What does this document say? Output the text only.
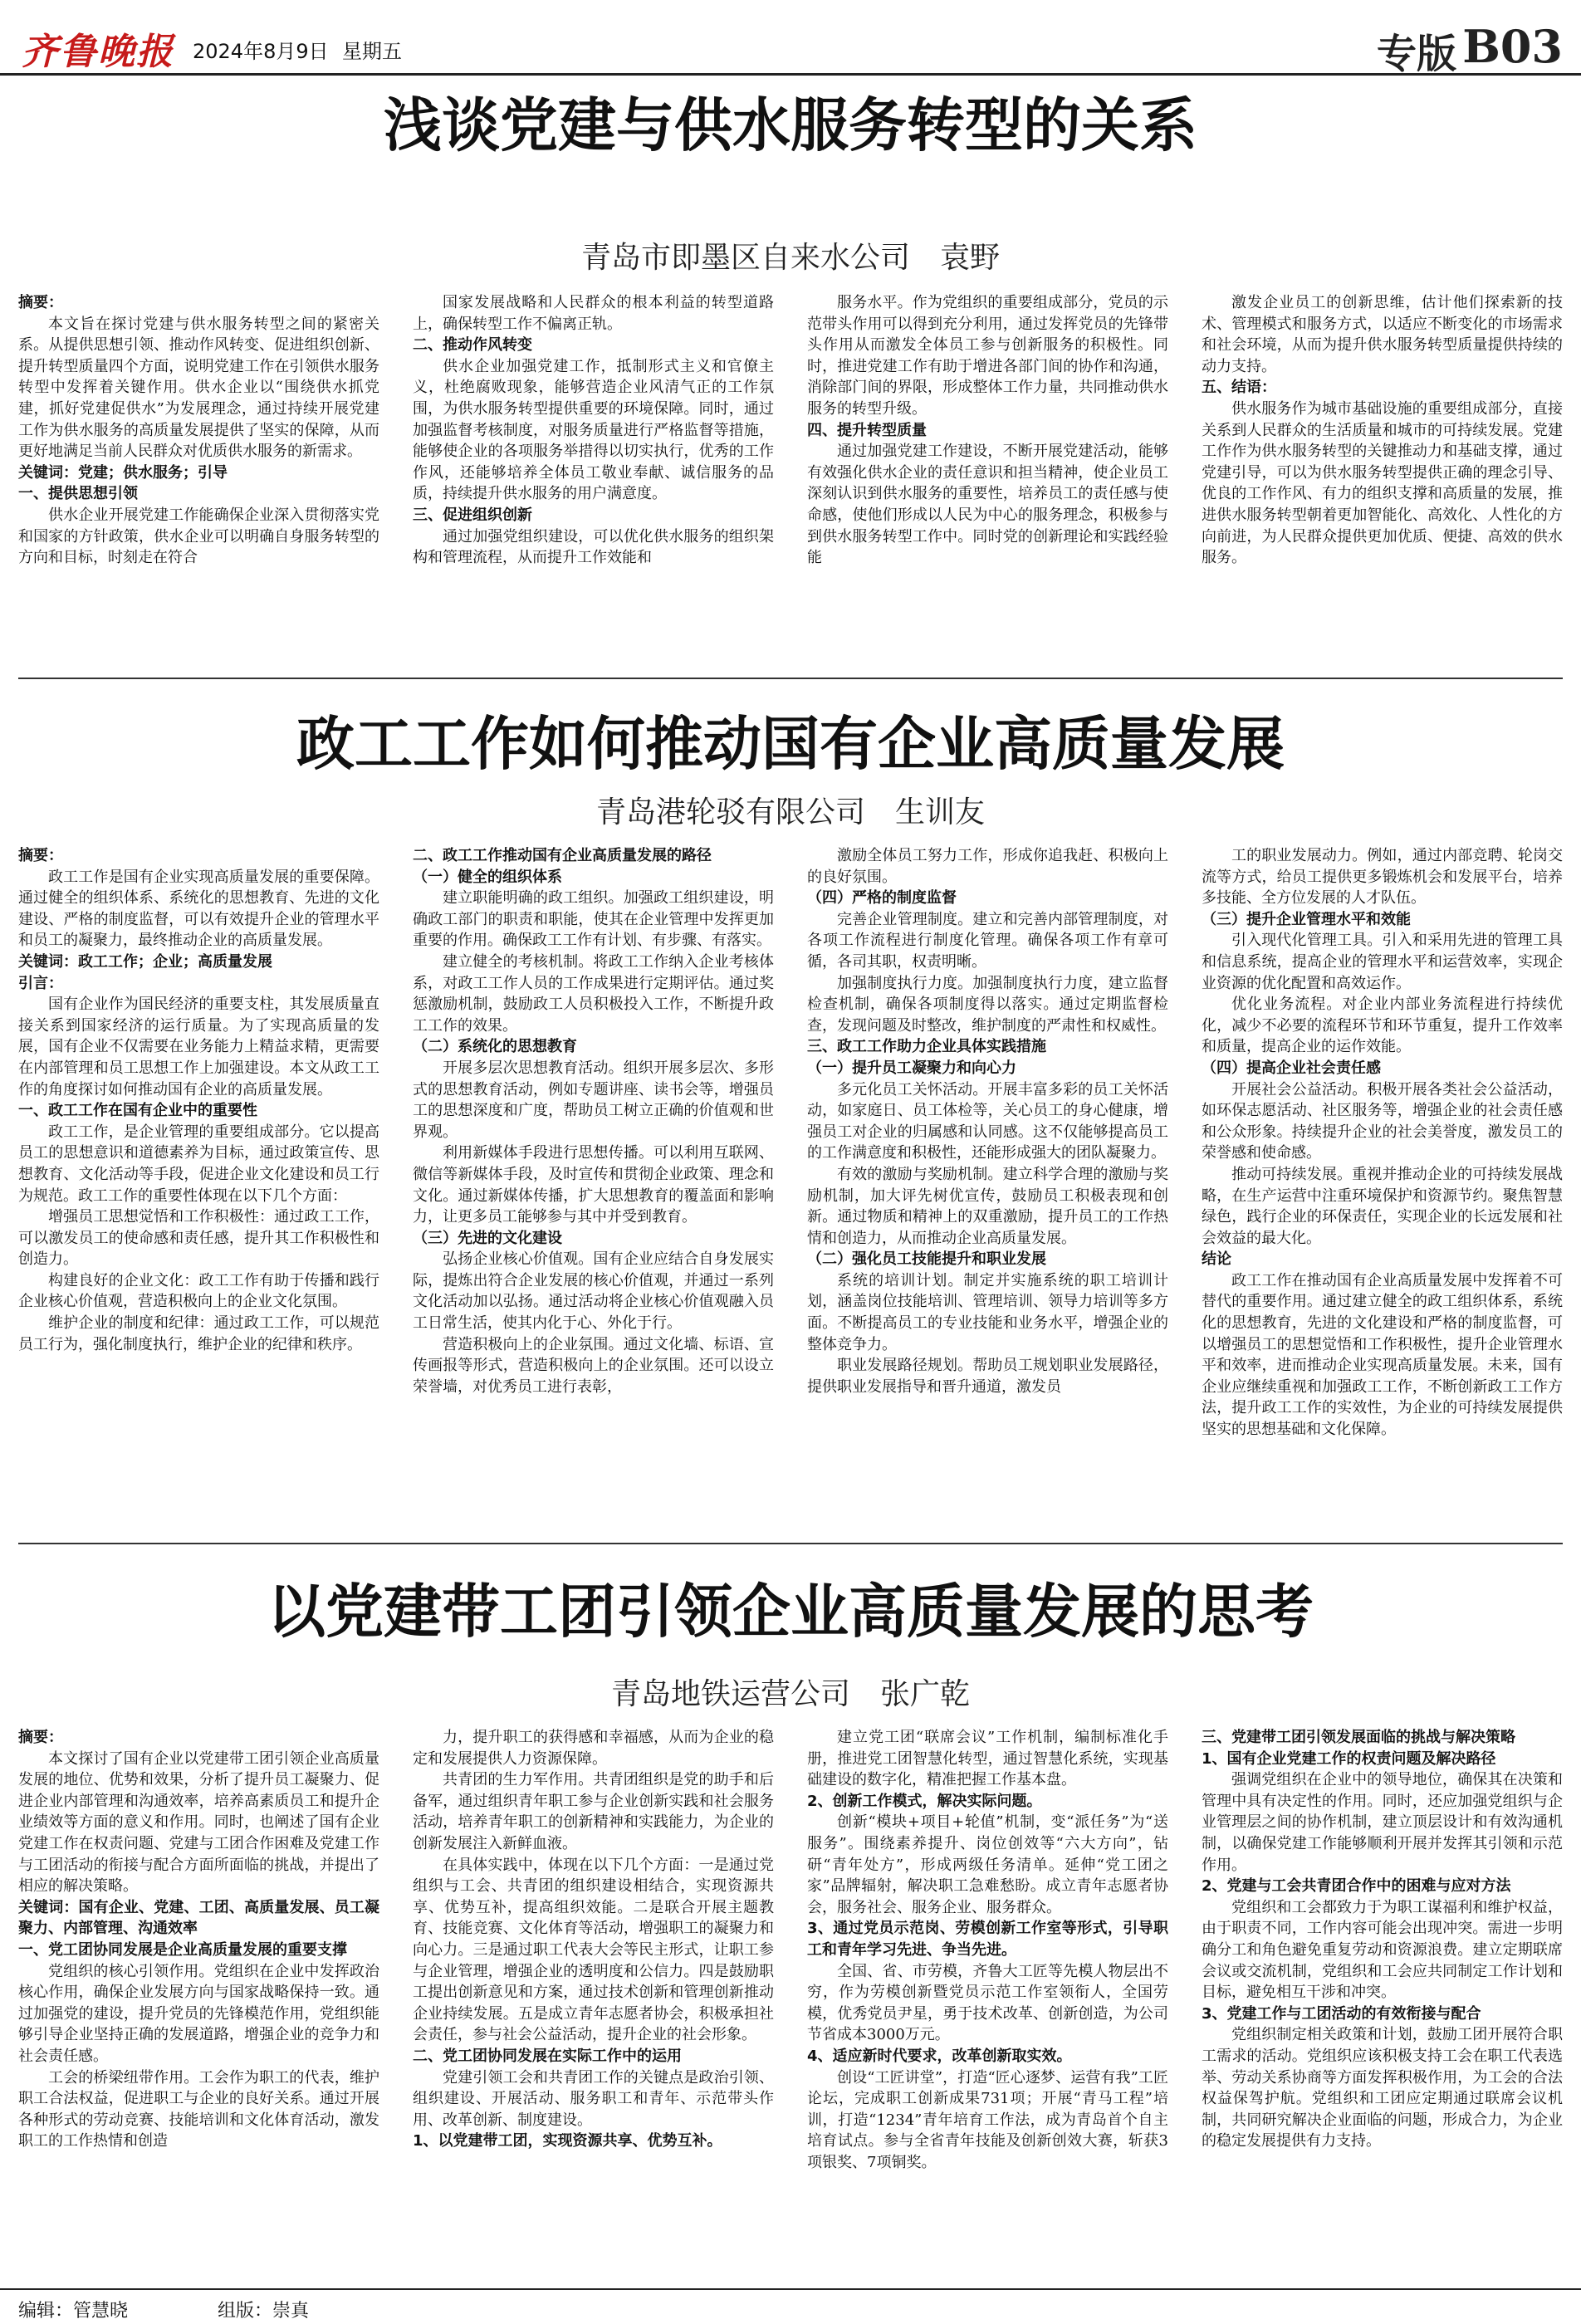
齐鲁晚报 2024年8月9日 星期五	专版 B03
浅谈党建与供水服务转型的关系
青岛市即墨区自来水公司　袁野

摘要：

本文旨在探讨党建与供水服务转型之间的紧密关系。从提供思想引领、推动作风转变、促进组织创新、提升转型质量四个方面，说明党建工作在引领供水服务转型中发挥着关键作用。供水企业以“围绕供水抓党建，抓好党建促供水”为发展理念，通过持续开展党建工作为供水服务的高质量发展提供了坚实的保障，从而更好地满足当前人民群众对优质供水服务的新需求。

关键词：党建；供水服务；引导

一、提供思想引领

供水企业开展党建工作能确保企业深入贯彻落实党和国家的方针政策，供水企业可以明确自身服务转型的方向和目标，时刻走在符合

国家发展战略和人民群众的根本利益的转型道路上，确保转型工作不偏离正轨。

二、推动作风转变

供水企业加强党建工作，抵制形式主义和官僚主义，杜绝腐败现象，能够营造企业风清气正的工作氛围，为供水服务转型提供重要的环境保障。同时，通过加强监督考核制度，对服务质量进行严格监督等措施，能够使企业的各项服务举措得以切实执行，优秀的工作作风，还能够培养全体员工敬业奉献、诚信服务的品质，持续提升供水服务的用户满意度。

三、促进组织创新

通过加强党组织建设，可以优化供水服务的组织架构和管理流程，从而提升工作效能和

服务水平。作为党组织的重要组成部分，党员的示范带头作用可以得到充分利用，通过发挥党员的先锋带头作用从而激发全体员工参与创新服务的积极性。同时，推进党建工作有助于增进各部门间的协作和沟通，消除部门间的界限，形成整体工作力量，共同推动供水服务的转型升级。

四、提升转型质量

通过加强党建工作建设，不断开展党建活动，能够有效强化供水企业的责任意识和担当精神，使企业员工深刻认识到供水服务的重要性，培养员工的责任感与使命感，使他们形成以人民为中心的服务理念，积极参与到供水服务转型工作中。同时党的创新理论和实践经验能

激发企业员工的创新思维，估计他们探索新的技术、管理模式和服务方式，以适应不断变化的市场需求和社会环境，从而为提升供水服务转型质量提供持续的动力支持。

五、结语：

供水服务作为城市基础设施的重要组成部分，直接关系到人民群众的生活质量和城市的可持续发展。党建工作作为供水服务转型的关键推动力和基础支撑，通过党建引导，可以为供水服务转型提供正确的理念引导、优良的工作作风、有力的组织支撑和高质量的发展，推进供水服务转型朝着更加智能化、高效化、人性化的方向前进，为人民群众提供更加优质、便捷、高效的供水服务。

政工工作如何推动国有企业高质量发展
青岛港轮驳有限公司　生训友

摘要：

政工工作是国有企业实现高质量发展的重要保障。通过健全的组织体系、系统化的思想教育、先进的文化建设、严格的制度监督，可以有效提升企业的管理水平和员工的凝聚力，最终推动企业的高质量发展。

关键词：政工工作；企业；高质量发展

引言：

国有企业作为国民经济的重要支柱，其发展质量直接关系到国家经济的运行质量。为了实现高质量的发展，国有企业不仅需要在业务能力上精益求精，更需要在内部管理和员工思想工作上加强建设。本文从政工工作的角度探讨如何推动国有企业的高质量发展。

一、政工工作在国有企业中的重要性

政工工作，是企业管理的重要组成部分。它以提高员工的思想意识和道德素养为目标，通过政策宣传、思想教育、文化活动等手段，促进企业文化建设和员工行为规范。政工工作的重要性体现在以下几个方面：

增强员工思想觉悟和工作积极性：通过政工工作，可以激发员工的使命感和责任感，提升其工作积极性和创造力。

构建良好的企业文化：政工工作有助于传播和践行企业核心价值观，营造积极向上的企业文化氛围。

维护企业的制度和纪律：通过政工工作，可以规范员工行为，强化制度执行，维护企业的纪律和秩序。

二、政工工作推动国有企业高质量发展的路径

（一）健全的组织体系

建立职能明确的政工组织。加强政工组织建设，明确政工部门的职责和职能，使其在企业管理中发挥更加重要的作用。确保政工工作有计划、有步骤、有落实。

建立健全的考核机制。将政工工作纳入企业考核体系，对政工工作人员的工作成果进行定期评估。通过奖惩激励机制，鼓励政工人员积极投入工作，不断提升政工工作的效果。

（二）系统化的思想教育

开展多层次思想教育活动。组织开展多层次、多形式的思想教育活动，例如专题讲座、读书会等，增强员工的思想深度和广度，帮助员工树立正确的价值观和世界观。

利用新媒体手段进行思想传播。可以利用互联网、微信等新媒体手段，及时宣传和贯彻企业政策、理念和文化。通过新媒体传播，扩大思想教育的覆盖面和影响力，让更多员工能够参与其中并受到教育。

（三）先进的文化建设

弘扬企业核心价值观。国有企业应结合自身发展实际，提炼出符合企业发展的核心价值观，并通过一系列文化活动加以弘扬。通过活动将企业核心价值观融入员工日常生活，使其内化于心、外化于行。

营造积极向上的企业氛围。通过文化墙、标语、宣传画报等形式，营造积极向上的企业氛围。还可以设立荣誉墙，对优秀员工进行表彰，

激励全体员工努力工作，形成你追我赶、积极向上的良好氛围。

（四）严格的制度监督

完善企业管理制度。建立和完善内部管理制度，对各项工作流程进行制度化管理。确保各项工作有章可循，各司其职，权责明晰。

加强制度执行力度。加强制度执行力度，建立监督检查机制，确保各项制度得以落实。通过定期监督检查，发现问题及时整改，维护制度的严肃性和权威性。

三、政工工作助力企业具体实践措施

（一）提升员工凝聚力和向心力

多元化员工关怀活动。开展丰富多彩的员工关怀活动，如家庭日、员工体检等，关心员工的身心健康，增强员工对企业的归属感和认同感。这不仅能够提高员工的工作满意度和积极性，还能形成强大的团队凝聚力。

有效的激励与奖励机制。建立科学合理的激励与奖励机制，加大评先树优宣传，鼓励员工积极表现和创新。通过物质和精神上的双重激励，提升员工的工作热情和创造力，从而推动企业高质量发展。

（二）强化员工技能提升和职业发展

系统的培训计划。制定并实施系统的职工培训计划，涵盖岗位技能培训、管理培训、领导力培训等多方面。不断提高员工的专业技能和业务水平，增强企业的整体竞争力。

职业发展路径规划。帮助员工规划职业发展路径，提供职业发展指导和晋升通道，激发员

工的职业发展动力。例如，通过内部竞聘、轮岗交流等方式，给员工提供更多锻炼机会和发展平台，培养多技能、全方位发展的人才队伍。

（三）提升企业管理水平和效能

引入现代化管理工具。引入和采用先进的管理工具和信息系统，提高企业的管理水平和运营效率，实现企业资源的优化配置和高效运作。

优化业务流程。对企业内部业务流程进行持续优化，减少不必要的流程环节和环节重复，提升工作效率和质量，提高企业的运作效能。

（四）提高企业社会责任感

开展社会公益活动。积极开展各类社会公益活动，如环保志愿活动、社区服务等，增强企业的社会责任感和公众形象。持续提升企业的社会美誉度，激发员工的荣誉感和使命感。

推动可持续发展。重视并推动企业的可持续发展战略，在生产运营中注重环境保护和资源节约。聚焦智慧绿色，践行企业的环保责任，实现企业的长远发展和社会效益的最大化。

结论

政工工作在推动国有企业高质量发展中发挥着不可替代的重要作用。通过建立健全的政工组织体系，系统化的思想教育，先进的文化建设和严格的制度监督，可以增强员工的思想觉悟和工作积极性，提升企业管理水平和效率，进而推动企业实现高质量发展。未来，国有企业应继续重视和加强政工工作，不断创新政工工作方法，提升政工工作的实效性，为企业的可持续发展提供坚实的思想基础和文化保障。

以党建带工团引领企业高质量发展的思考
青岛地铁运营公司　张广乾

摘要：

本文探讨了国有企业以党建带工团引领企业高质量发展的地位、优势和效果，分析了提升员工凝聚力、促进企业内部管理和沟通效率，培养高素质员工和提升企业绩效等方面的意义和作用。同时，也阐述了国有企业党建工作在权责问题、党建与工团合作困难及党建工作与工团活动的衔接与配合方面所面临的挑战，并提出了相应的解决策略。

关键词：国有企业、党建、工团、高质量发展、员工凝聚力、内部管理、沟通效率

一、党工团协同发展是企业高质量发展的重要支撑

党组织的核心引领作用。党组织在企业中发挥政治核心作用，确保企业发展方向与国家战略保持一致。通过加强党的建设，提升党员的先锋模范作用，党组织能够引导企业坚持正确的发展道路，增强企业的竞争力和社会责任感。

工会的桥梁纽带作用。工会作为职工的代表，维护职工合法权益，促进职工与企业的良好关系。通过开展各种形式的劳动竞赛、技能培训和文化体育活动，激发职工的工作热情和创造

力，提升职工的获得感和幸福感，从而为企业的稳定和发展提供人力资源保障。

共青团的生力军作用。共青团组织是党的助手和后备军，通过组织青年职工参与企业创新实践和社会服务活动，培养青年职工的创新精神和实践能力，为企业的创新发展注入新鲜血液。

在具体实践中，体现在以下几个方面：一是通过党组织与工会、共青团的组织建设相结合，实现资源共享、优势互补，提高组织效能。二是联合开展主题教育、技能竞赛、文化体育等活动，增强职工的凝聚力和向心力。三是通过职工代表大会等民主形式，让职工参与企业管理，增强企业的透明度和公信力。四是鼓励职工提出创新意见和方案，通过技术创新和管理创新推动企业持续发展。五是成立青年志愿者协会，积极承担社会责任，参与社会公益活动，提升企业的社会形象。

二、党工团协同发展在实际工作中的运用

党建引领工会和共青团工作的关键点是政治引领、组织建设、开展活动、服务职工和青年、示范带头作用、改革创新、制度建设。

1、以党建带工团，实现资源共享、优势互补。

建立党工团“联席会议”工作机制，编制标准化手册，推进党工团智慧化转型，通过智慧化系统，实现基础建设的数字化，精准把握工作基本盘。

2、创新工作模式，解决实际问题。

创新“模块+项目+轮值”机制，变“派任务”为“送服务”。围绕素养提升、岗位创效等“六大方向”，钻研“青年处方”，形成两级任务清单。延伸“党工团之家”品牌辐射，解决职工急难愁盼。成立青年志愿者协会，服务社会、服务企业、服务群众。

3、通过党员示范岗、劳模创新工作室等形式，引导职工和青年学习先进、争当先进。

全国、省、市劳模，齐鲁大工匠等先模人物层出不穷，作为劳模创新暨党员示范工作室领衔人，全国劳模，优秀党员尹星，勇于技术改革、创新创造，为公司节省成本3000万元。

4、适应新时代要求，改革创新取实效。

创设“工匠讲堂”，打造“匠心逐梦、运营有我”工匠论坛，完成职工创新成果731项；开展“青马工程”培训，打造“1234”青年培育工作法，成为青岛首个自主培育试点。参与全省青年技能及创新创效大赛，斩获3项银奖、7项铜奖。

三、党建带工团引领发展面临的挑战与解决策略

1、国有企业党建工作的权责问题及解决路径

强调党组织在企业中的领导地位，确保其在决策和管理中具有决定性的作用。同时，还应加强党组织与企业管理层之间的协作机制，建立顶层设计和有效沟通机制，以确保党建工作能够顺利开展并发挥其引领和示范作用。

2、党建与工会共青团合作中的困难与应对方法

党组织和工会都致力于为职工谋福利和维护权益，由于职责不同，工作内容可能会出现冲突。需进一步明确分工和角色避免重复劳动和资源浪费。建立定期联席会议或交流机制，党组织和工会应共同制定工作计划和目标，避免相互干涉和冲突。

3、党建工作与工团活动的有效衔接与配合

党组织制定相关政策和计划，鼓励工团开展符合职工需求的活动。党组织应该积极支持工会在职工代表选举、劳动关系协商等方面发挥积极作用，为工会的合法权益保驾护航。党组织和工团应定期通过联席会议机制，共同研究解决企业面临的问题，形成合力，为企业的稳定发展提供有力支持。

编辑：管慧晓	组版：崇真
